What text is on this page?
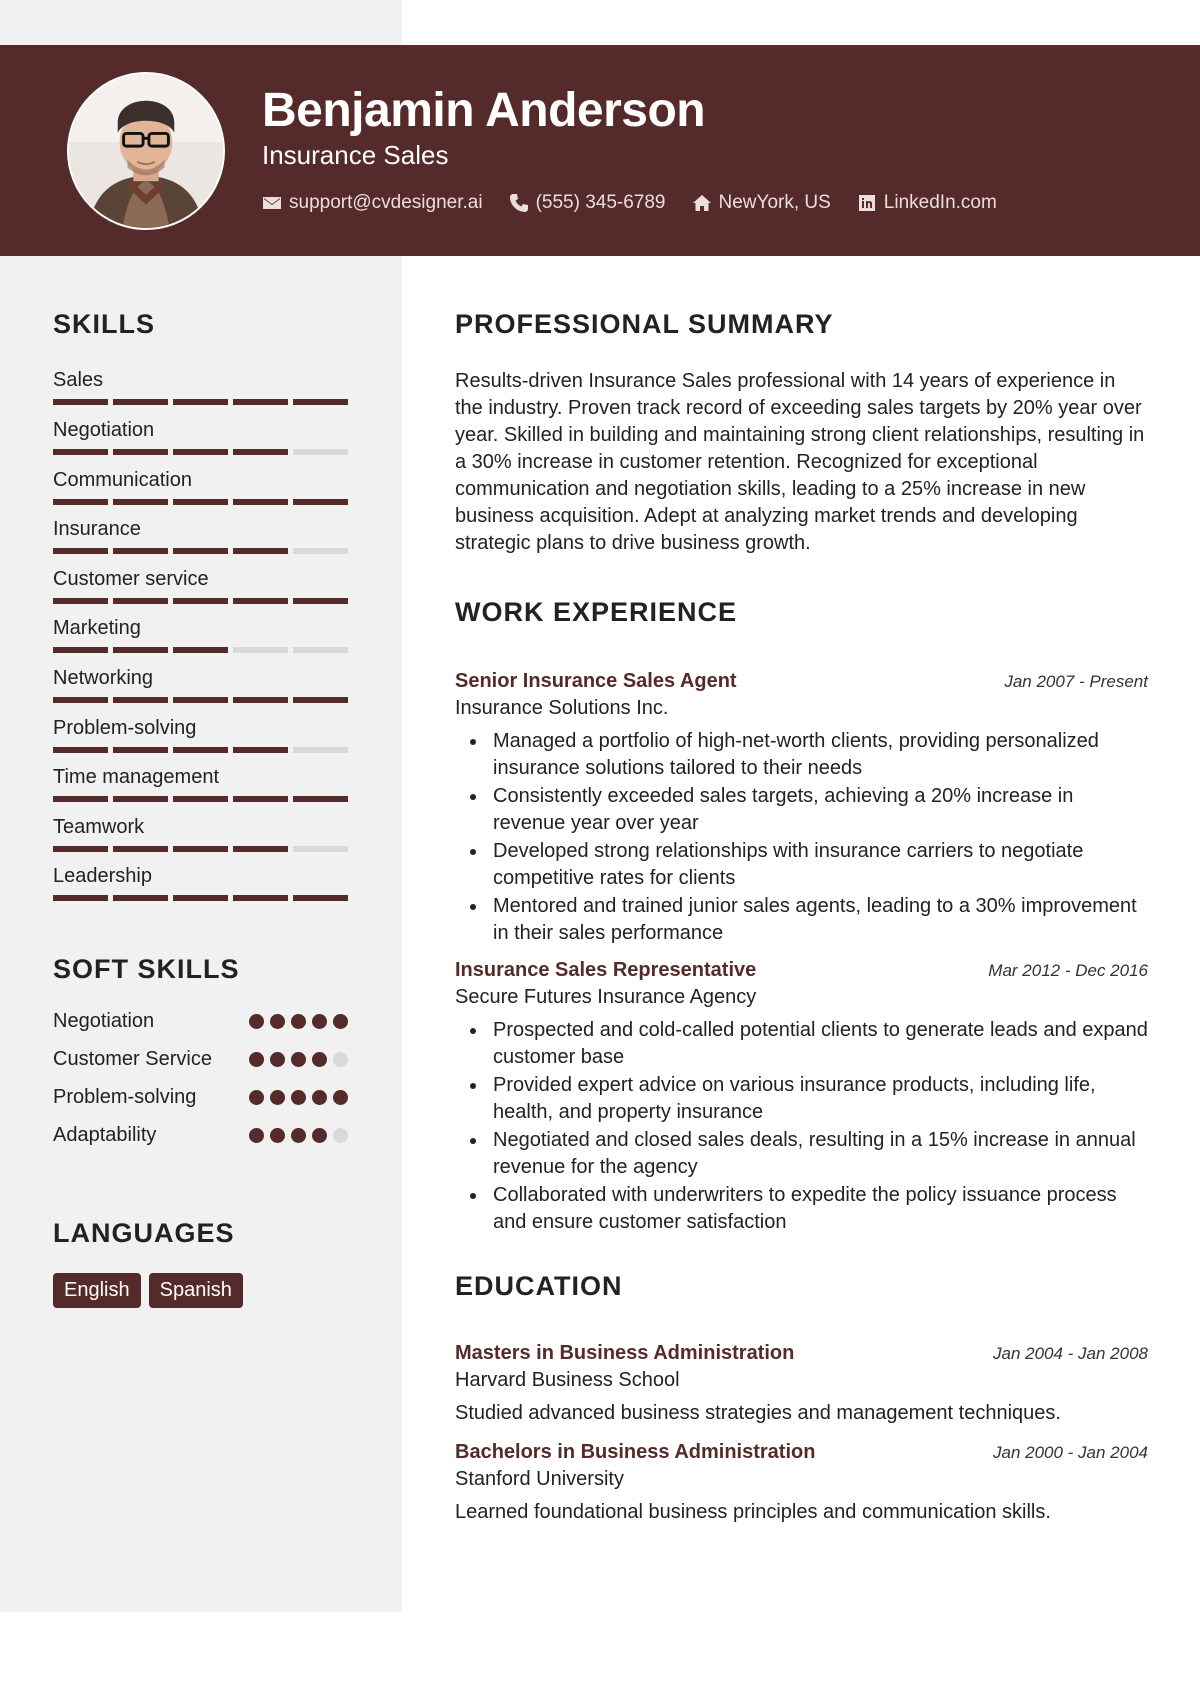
Benjamin Anderson
Insurance Sales
support@cvdesigner.ai	(555) 345-6789	NewYork, US	LinkedIn.com
SKILLS
Sales
Negotiation
Communication
Insurance
Customer service
Marketing
Networking
Problem-solving
Time management
Teamwork
Leadership
SOFT SKILLS
Negotiation
Customer Service
Problem-solving
Adaptability
LANGUAGES
English	Spanish
PROFESSIONAL SUMMARY

Results-driven Insurance Sales professional with 14 years of experience in the industry. Proven track record of exceeding sales targets by 20% year over year. Skilled in building and maintaining strong client relationships, resulting in a 30% increase in customer retention. Recognized for exceptional communication and negotiation skills, leading to a 25% increase in new business acquisition. Adept at analyzing market trends and developing strategic plans to drive business growth.

WORK EXPERIENCE
Senior Insurance Sales Agent	Jan 2007 - Present
Insurance Solutions Inc.
Managed a portfolio of high-net-worth clients, providing personalized insurance solutions tailored to their needs
Consistently exceeded sales targets, achieving a 20% increase in revenue year over year
Developed strong relationships with insurance carriers to negotiate competitive rates for clients
Mentored and trained junior sales agents, leading to a 30% improvement in their sales performance
Insurance Sales Representative	Mar 2012 - Dec 2016
Secure Futures Insurance Agency
Prospected and cold-called potential clients to generate leads and expand customer base
Provided expert advice on various insurance products, including life, health, and property insurance
Negotiated and closed sales deals, resulting in a 15% increase in annual revenue for the agency
Collaborated with underwriters to expedite the policy issuance process and ensure customer satisfaction
EDUCATION
Masters in Business Administration	Jan 2004 - Jan 2008
Harvard Business School

Studied advanced business strategies and management techniques.

Bachelors in Business Administration	Jan 2000 - Jan 2004
Stanford University

Learned foundational business principles and communication skills.
